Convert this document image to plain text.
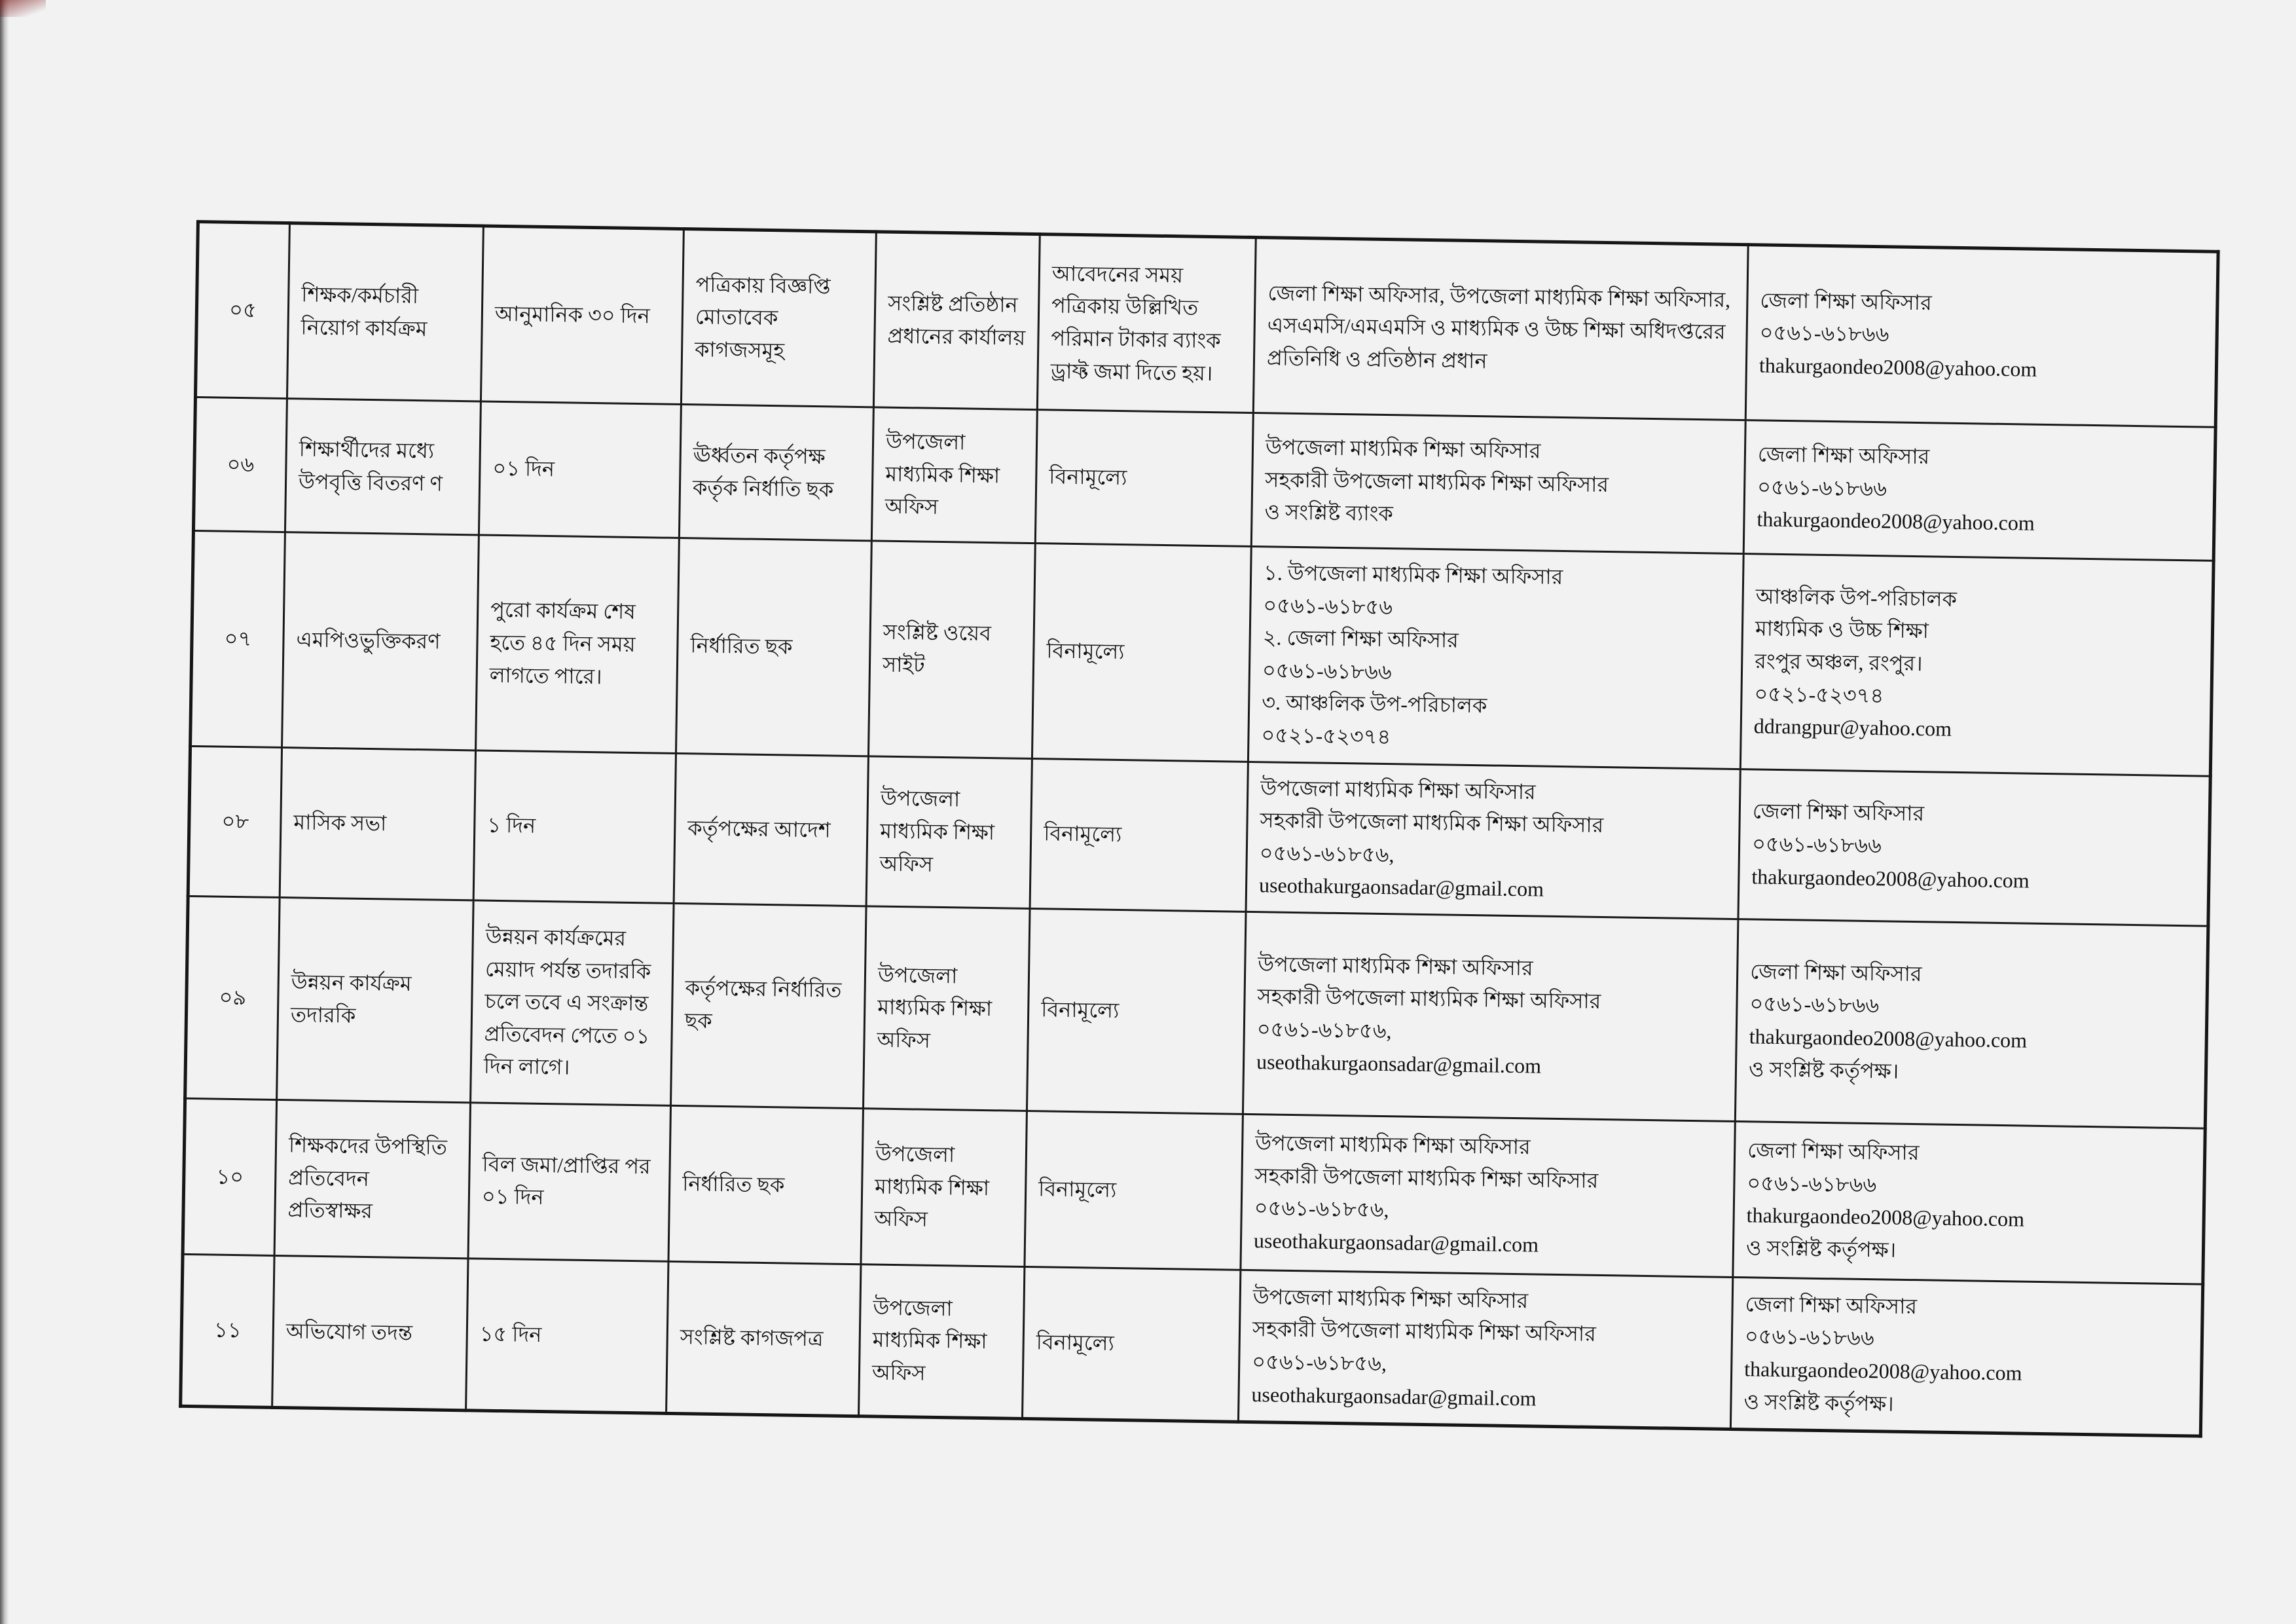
০৫	শিক্ষক/কর্মচারী নিয়োগ কার্যক্রম	আনুমানিক ৩০ দিন	পত্রিকায় বিজ্ঞপ্তি মোতাবেক কাগজসমূহ	সংশ্লিষ্ট প্রতিষ্ঠান প্রধানের কার্যালয়	আবেদনের সময় পত্রিকায় উল্লিখিত পরিমান টাকার ব্যাংক ড্রাফ্ট জমা দিতে হয়।	জেলা শিক্ষা অফিসার, উপজেলা মাধ্যমিক শিক্ষা অফিসার, এসএমসি/এমএমসি ও মাধ্যমিক ও উচ্চ শিক্ষা অধিদপ্তরের প্রতিনিধি ও প্রতিষ্ঠান প্রধান	জেলা শিক্ষা অফিসার
০৫৬১-৬১৮৬৬
thakurgaondeo2008@yahoo.com
০৬	শিক্ষার্থীদের মধ্যে উপবৃত্তি বিতরণ ণ	০১ দিন	ঊর্ধ্বতন কর্তৃপক্ষ কর্তৃক নির্ধাতি ছক	উপজেলা মাধ্যমিক শিক্ষা অফিস	বিনামূল্যে	উপজেলা মাধ্যমিক শিক্ষা অফিসার
সহকারী উপজেলা মাধ্যমিক শিক্ষা অফিসার
ও সংশ্লিষ্ট ব্যাংক	জেলা শিক্ষা অফিসার
০৫৬১-৬১৮৬৬
thakurgaondeo2008@yahoo.com
০৭	এমপিওভুক্তিকরণ	পুরো কার্যক্রম শেষ হতে ৪৫ দিন সময় লাগতে পারে।	নির্ধারিত ছক	সংশ্লিষ্ট ওয়েব সাইট	বিনামূল্যে	১. উপজেলা মাধ্যমিক শিক্ষা অফিসার
০৫৬১-৬১৮৫৬
২. জেলা শিক্ষা অফিসার
০৫৬১-৬১৮৬৬
৩. আঞ্চলিক উপ-পরিচালক
০৫২১-৫২৩৭৪	আঞ্চলিক উপ-পরিচালক
মাধ্যমিক ও উচ্চ শিক্ষা
রংপুর অঞ্চল, রংপুর।
০৫২১-৫২৩৭৪
ddrangpur@yahoo.com
০৮	মাসিক সভা	১ দিন	কর্তৃপক্ষের আদেশ	উপজেলা মাধ্যমিক শিক্ষা অফিস	বিনামূল্যে	উপজেলা মাধ্যমিক শিক্ষা অফিসার
সহকারী উপজেলা মাধ্যমিক শিক্ষা অফিসার
০৫৬১-৬১৮৫৬,
useothakurgaonsadar@gmail.com	জেলা শিক্ষা অফিসার
০৫৬১-৬১৮৬৬
thakurgaondeo2008@yahoo.com
০৯	উন্নয়ন কার্যক্রম তদারকি	উন্নয়ন কার্যক্রমের মেয়াদ পর্যন্ত তদারকি চলে তবে এ সংক্রান্ত প্রতিবেদন পেতে ০১ দিন লাগে।	কর্তৃপক্ষের নির্ধারিত ছক	উপজেলা মাধ্যমিক শিক্ষা অফিস	বিনামূল্যে	উপজেলা মাধ্যমিক শিক্ষা অফিসার
সহকারী উপজেলা মাধ্যমিক শিক্ষা অফিসার
০৫৬১-৬১৮৫৬,
useothakurgaonsadar@gmail.com	জেলা শিক্ষা অফিসার
০৫৬১-৬১৮৬৬
thakurgaondeo2008@yahoo.com
ও সংশ্লিষ্ট কর্তৃপক্ষ।
১০	শিক্ষকদের উপস্থিতি প্রতিবেদন প্রতিস্বাক্ষর	বিল জমা/প্রাপ্তির পর ০১ দিন	নির্ধারিত ছক	উপজেলা মাধ্যমিক শিক্ষা অফিস	বিনামূল্যে	উপজেলা মাধ্যমিক শিক্ষা অফিসার
সহকারী উপজেলা মাধ্যমিক শিক্ষা অফিসার
০৫৬১-৬১৮৫৬,
useothakurgaonsadar@gmail.com	জেলা শিক্ষা অফিসার
০৫৬১-৬১৮৬৬
thakurgaondeo2008@yahoo.com
ও সংশ্লিষ্ট কর্তৃপক্ষ।
১১	অভিযোগ তদন্ত	১৫ দিন	সংশ্লিষ্ট কাগজপত্র	উপজেলা মাধ্যমিক শিক্ষা অফিস	বিনামূল্যে	উপজেলা মাধ্যমিক শিক্ষা অফিসার
সহকারী উপজেলা মাধ্যমিক শিক্ষা অফিসার
০৫৬১-৬১৮৫৬,
useothakurgaonsadar@gmail.com	জেলা শিক্ষা অফিসার
০৫৬১-৬১৮৬৬
thakurgaondeo2008@yahoo.com
ও সংশ্লিষ্ট কর্তৃপক্ষ।
